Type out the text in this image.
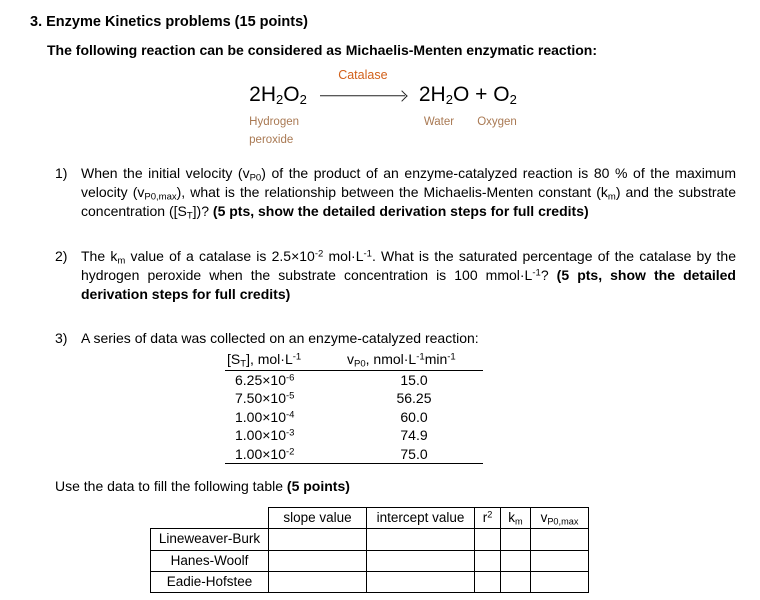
3. Enzyme Kinetics problems (15 points)
The following reaction can be considered as Michaelis-Menten enzymatic reaction:
$2H_2O_2$
Hydrogen
peroxide
Catalase
$2H_2O + O_2$
Water Oxygen
1) When the initial velocity $(v_{P0})$ of the product of an enzyme-catalyzed reaction is 80 % of the maximum velocity $(v_{P0,max})$, what is the relationship between the Michaelis-Menten constant $(k_m)$ and the substrate concentration $([S_T])$? (5 pts, show the detailed derivation steps for full credits)
2) The $k_m$ value of a catalase is $2.5\times 10^{-2}$ $mol\cdot L^{-1}$. What is the saturated percentage of the catalase by the hydrogen peroxide when the substrate concentration is 100 $mmol\cdot L^{-1}$? (5 pts, show the detailed derivation steps for full credits)
3) A series of data was collected on an enzyme-catalyzed reaction:
$[S_T]$, $mol\cdot L^{-1}$	$v_{P0}$, $nmol\cdot L^{-1}\min^{-1}$
$6.25\times 10^{-6}$	15.0
$7.50\times 10^{-5}$	56.25
$1.00\times 10^{-4}$	60.0
$1.00\times 10^{-3}$	74.9
$1.00\times 10^{-2}$	75.0
Use the data to fill the following table (5 points)
	slope value	intercept value	$r^2$	$k_m$	$v_{P0,max}$
Lineweaver-Burk					
Hanes-Woolf					
Eadie-Hofstee					
